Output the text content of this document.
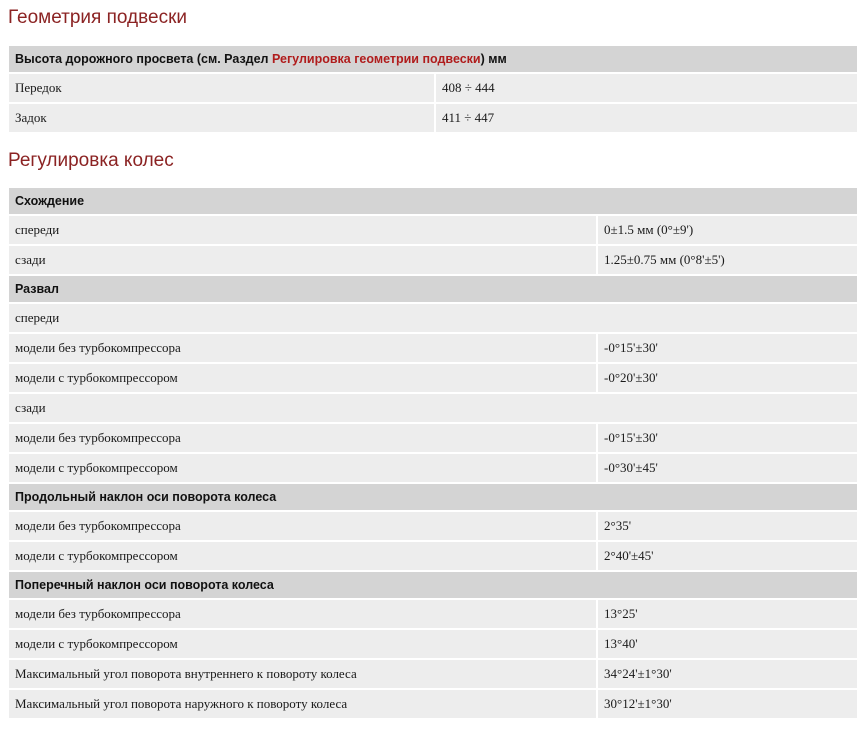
Геометрия подвески
Высота дорожного просвета (см. Раздел Регулировка геометрии подвески) мм	
Передок	408 ÷ 444
Задок	411 ÷ 447
Регулировка колес
Схождение	
спереди	0±1.5 мм (0°±9')
сзади	1.25±0.75 мм (0°8'±5')
Развал	
спереди	
модели без турбокомпрессора	-0°15'±30'
модели с турбокомпрессором	-0°20'±30'
сзади	
модели без турбокомпрессора	-0°15'±30'
модели с турбокомпрессором	-0°30'±45'
Продольный наклон оси поворота колеса	
модели без турбокомпрессора	2°35'
модели с турбокомпрессором	2°40'±45'
Поперечный наклон оси поворота колеса	
модели без турбокомпрессора	13°25'
модели с турбокомпрессором	13°40'
Максимальный угол поворота внутреннего к повороту колеса	34°24'±1°30'
Максимальный угол поворота наружного к повороту колеса	30°12'±1°30'
